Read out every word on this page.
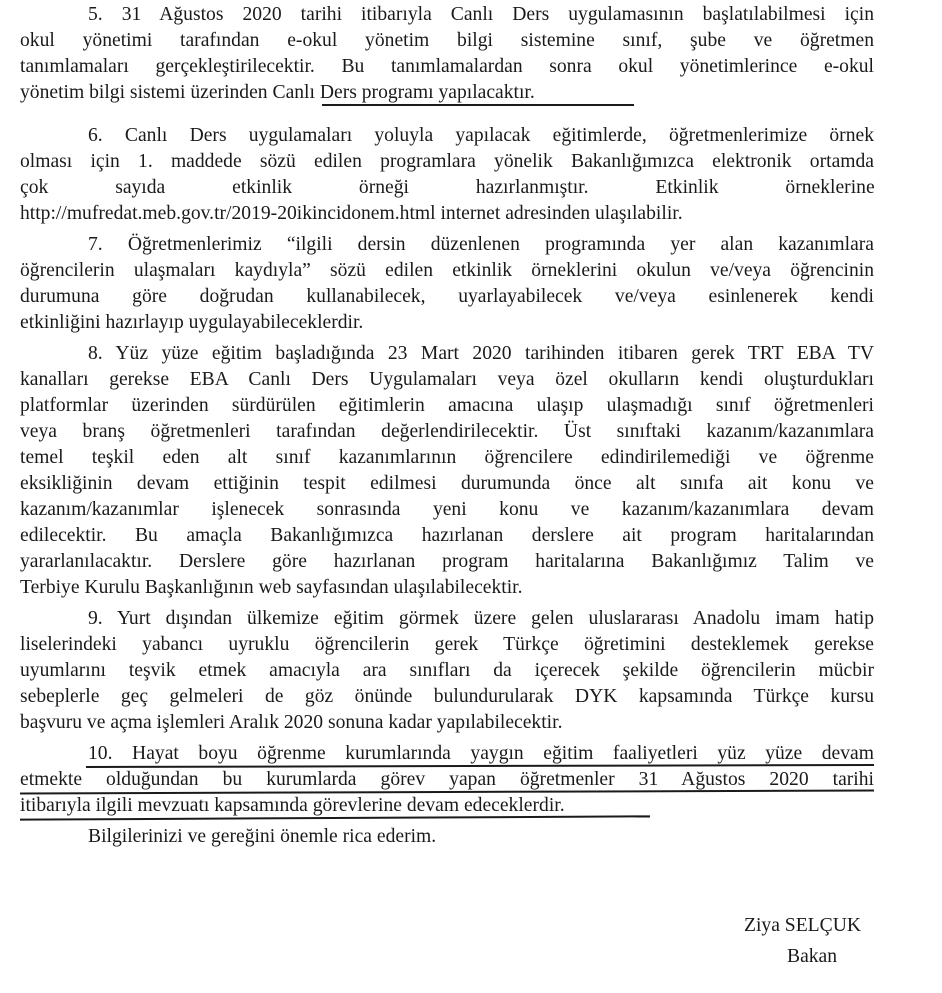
5. 31 Ağustos 2020 tarihi itibarıyla Canlı Ders uygulamasının başlatılabilmesi için
okul yönetimi tarafından e-okul yönetim bilgi sistemine sınıf, şube ve öğretmen
tanımlamaları gerçekleştirilecektir. Bu tanımlamalardan sonra okul yönetimlerince e-okul
yönetim bilgi sistemi üzerinden Canlı Ders programı yapılacaktır.
6. Canlı Ders uygulamaları yoluyla yapılacak eğitimlerde, öğretmenlerimize örnek
olması için 1. maddede sözü edilen programlara yönelik Bakanlığımızca elektronik ortamda
çok sayıda etkinlik örneği hazırlanmıştır. Etkinlik örneklerine
http://mufredat.meb.gov.tr/2019-20ikincidonem.html internet adresinden ulaşılabilir.
7. Öğretmenlerimiz “ilgili dersin düzenlenen programında yer alan kazanımlara
öğrencilerin ulaşmaları kaydıyla” sözü edilen etkinlik örneklerini okulun ve/veya öğrencinin
durumuna göre doğrudan kullanabilecek, uyarlayabilecek ve/veya esinlenerek kendi
etkinliğini hazırlayıp uygulayabileceklerdir.
8. Yüz yüze eğitim başladığında 23 Mart 2020 tarihinden itibaren gerek TRT EBA TV
kanalları gerekse EBA Canlı Ders Uygulamaları veya özel okulların kendi oluşturdukları
platformlar üzerinden sürdürülen eğitimlerin amacına ulaşıp ulaşmadığı sınıf öğretmenleri
veya branş öğretmenleri tarafından değerlendirilecektir. Üst sınıftaki kazanım/kazanımlara
temel teşkil eden alt sınıf kazanımlarının öğrencilere edindirilemediği ve öğrenme
eksikliğinin devam ettiğinin tespit edilmesi durumunda önce alt sınıfa ait konu ve
kazanım/kazanımlar işlenecek sonrasında yeni konu ve kazanım/kazanımlara devam
edilecektir. Bu amaçla Bakanlığımızca hazırlanan derslere ait program haritalarından
yararlanılacaktır. Derslere göre hazırlanan program haritalarına Bakanlığımız Talim ve
Terbiye Kurulu Başkanlığının web sayfasından ulaşılabilecektir.
9. Yurt dışından ülkemize eğitim görmek üzere gelen uluslararası Anadolu imam hatip
liselerindeki yabancı uyruklu öğrencilerin gerek Türkçe öğretimini desteklemek gerekse
uyumlarını teşvik etmek amacıyla ara sınıfları da içerecek şekilde öğrencilerin mücbir
sebeplerle geç gelmeleri de göz önünde bulundurularak DYK kapsamında Türkçe kursu
başvuru ve açma işlemleri Aralık 2020 sonuna kadar yapılabilecektir.
10. Hayat boyu öğrenme kurumlarında yaygın eğitim faaliyetleri yüz yüze devam
etmekte olduğundan bu kurumlarda görev yapan öğretmenler 31 Ağustos 2020 tarihi
itibarıyla ilgili mevzuatı kapsamında görevlerine devam edeceklerdir.
Bilgilerinizi ve gereğini önemle rica ederim.
Ziya SELÇUK
Bakan
